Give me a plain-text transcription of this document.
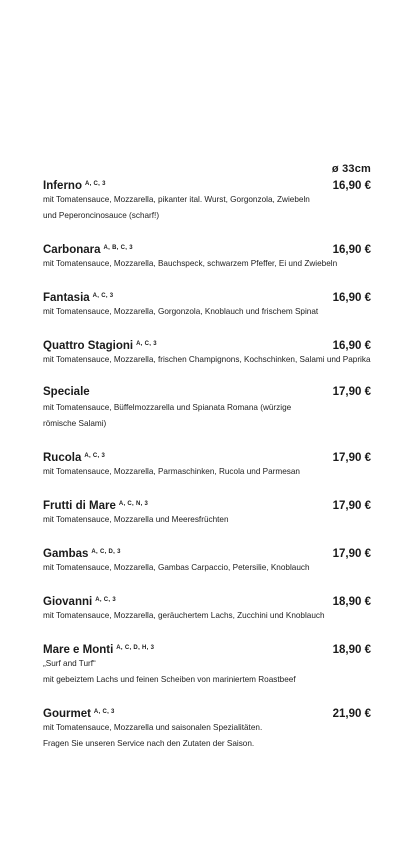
ø 33cm
Inferno $^{A, C, 3}$	16,90 €
mit Tomatensauce, Mozzarella, pikanter ital. Wurst, Gorgonzola, Zwiebeln
und Peperoncinosauce (scharf!)
Carbonara $^{A, B, C, 3}$	16,90 €
mit Tomatensauce, Mozzarella, Bauchspeck, schwarzem Pfeffer, Ei und Zwiebeln
Fantasia $^{A, C, 3}$	16,90 €
mit Tomatensauce, Mozzarella, Gorgonzola, Knoblauch und frischem Spinat
Quattro Stagioni $^{A, C, 3}$	16,90 €
mit Tomatensauce, Mozzarella, frischen Champignons, Kochschinken, Salami und Paprika
Speciale	17,90 €
mit Tomatensauce, Büffelmozzarella und Spianata Romana (würzige
römische Salami)
Rucola $^{A, C, 3}$	17,90 €
mit Tomatensauce, Mozzarella, Parmaschinken, Rucola und Parmesan
Frutti di Mare $^{A, C, N, 3}$	17,90 €
mit Tomatensauce, Mozzarella und Meeresfrüchten
Gambas $^{A, C, D, 3}$	17,90 €
mit Tomatensauce, Mozzarella, Gambas Carpaccio, Petersilie, Knoblauch
Giovanni $^{A, C, 3}$	18,90 €
mit Tomatensauce, Mozzarella, geräuchertem Lachs, Zucchini und Knoblauch
Mare e Monti $^{A, C, D, H, 3}$	18,90 €
„Surf and Turf“
mit gebeiztem Lachs und feinen Scheiben von mariniertem Roastbeef
Gourmet $^{A, C, 3}$	21,90 €
mit Tomatensauce, Mozzarella und saisonalen Spezialitäten.
Fragen Sie unseren Service nach den Zutaten der Saison.
